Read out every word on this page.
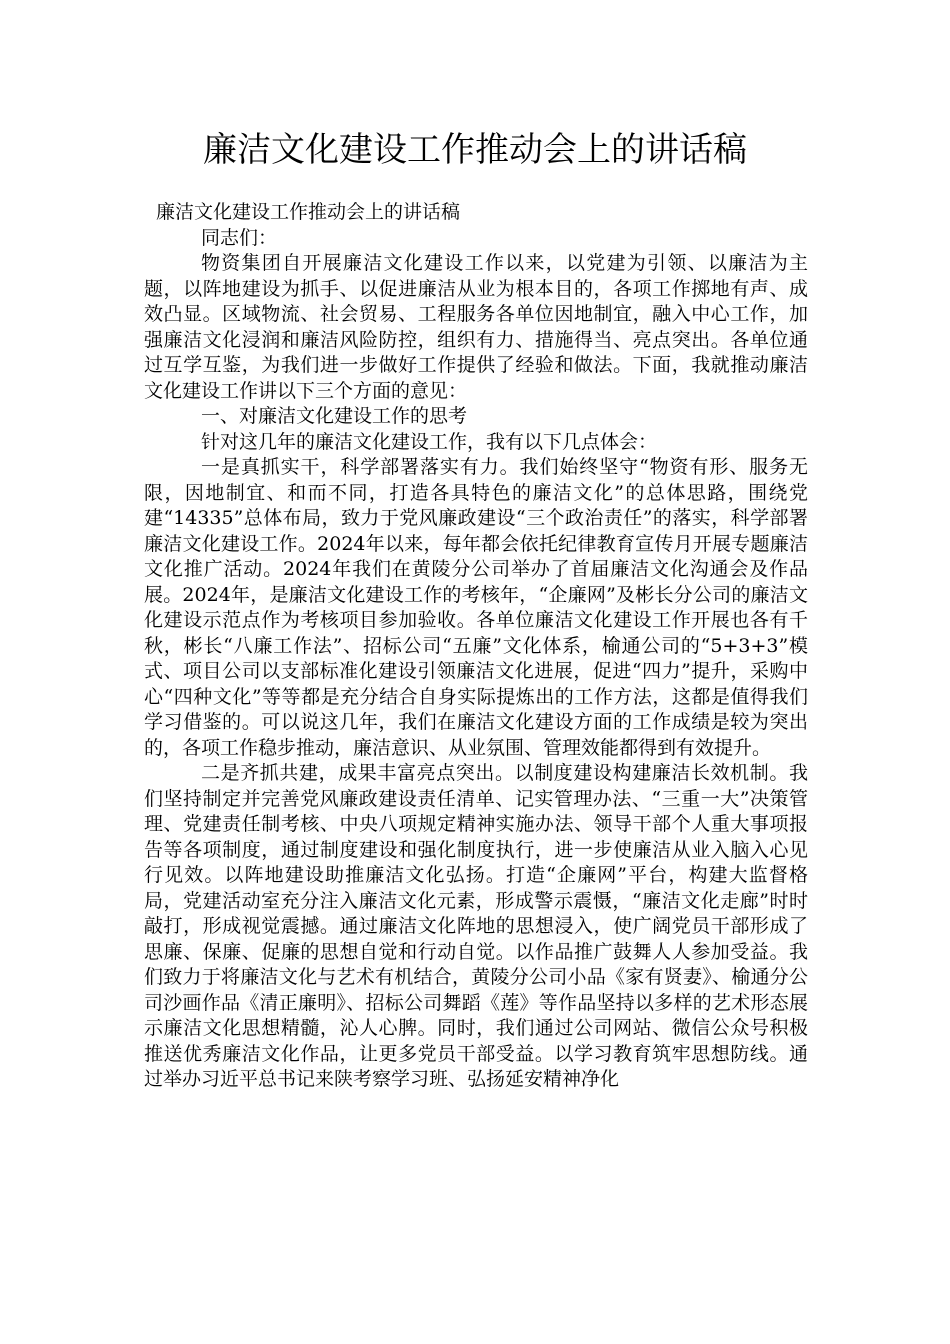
廉洁文化建设工作推动会上的讲话稿

廉洁文化建设工作推动会上的讲话稿

同志们：

物资集团自开展廉洁文化建设工作以来，以党建为引领、以廉洁为主题，以阵地建设为抓手、以促进廉洁从业为根本目的，各项工作掷地有声、成效凸显。区域物流、社会贸易、工程服务各单位因地制宜，融入中心工作，加强廉洁文化浸润和廉洁风险防控，组织有力、措施得当、亮点突出。各单位通过互学互鉴，为我们进一步做好工作提供了经验和做法。下面，我就推动廉洁文化建设工作讲以下三个方面的意见：

一、对廉洁文化建设工作的思考

针对这几年的廉洁文化建设工作，我有以下几点体会：

一是真抓实干，科学部署落实有力。我们始终坚守“物资有形、服务无限，因地制宜、和而不同，打造各具特色的廉洁文化”的总体思路，围绕党建“14335”总体布局，致力于党风廉政建设“三个政治责任”的落实，科学部署廉洁文化建设工作。2024年以来，每年都会依托纪律教育宣传月开展专题廉洁文化推广活动。2024年我们在黄陵分公司举办了首届廉洁文化沟通会及作品展。2024年，是廉洁文化建设工作的考核年，“企廉网”及彬长分公司的廉洁文化建设示范点作为考核项目参加验收。各单位廉洁文化建设工作开展也各有千秋，彬长“八廉工作法”、招标公司“五廉”文化体系，榆通公司的“5+3+3”模式、项目公司以支部标准化建设引领廉洁文化进展，促进“四力”提升，采购中心“四种文化”等等都是充分结合自身实际提炼出的工作方法，这都是值得我们学习借鉴的。可以说这几年，我们在廉洁文化建设方面的工作成绩是较为突出的，各项工作稳步推动，廉洁意识、从业氛围、管理效能都得到有效提升。

二是齐抓共建，成果丰富亮点突出。以制度建设构建廉洁长效机制。我们坚持制定并完善党风廉政建设责任清单、记实管理办法、“三重一大”决策管理、党建责任制考核、中央八项规定精神实施办法、领导干部个人重大事项报告等各项制度，通过制度建设和强化制度执行，进一步使廉洁从业入脑入心见行见效。以阵地建设助推廉洁文化弘扬。打造“企廉网”平台，构建大监督格局，党建活动室充分注入廉洁文化元素，形成警示震慑，“廉洁文化走廊”时时敲打，形成视觉震撼。通过廉洁文化阵地的思想浸入，使广阔党员干部形成了思廉、保廉、促廉的思想自觉和行动自觉。以作品推广鼓舞人人参加受益。我们致力于将廉洁文化与艺术有机结合，黄陵分公司小品《家有贤妻》、榆通分公司沙画作品《清正廉明》、招标公司舞蹈《莲》等作品坚持以多样的艺术形态展示廉洁文化思想精髓，沁人心脾。同时，我们通过公司网站、微信公众号积极推送优秀廉洁文化作品，让更多党员干部受益。以学习教育筑牢思想防线。通过举办习近平总书记来陕考察学习班、弘扬延安精神净化
